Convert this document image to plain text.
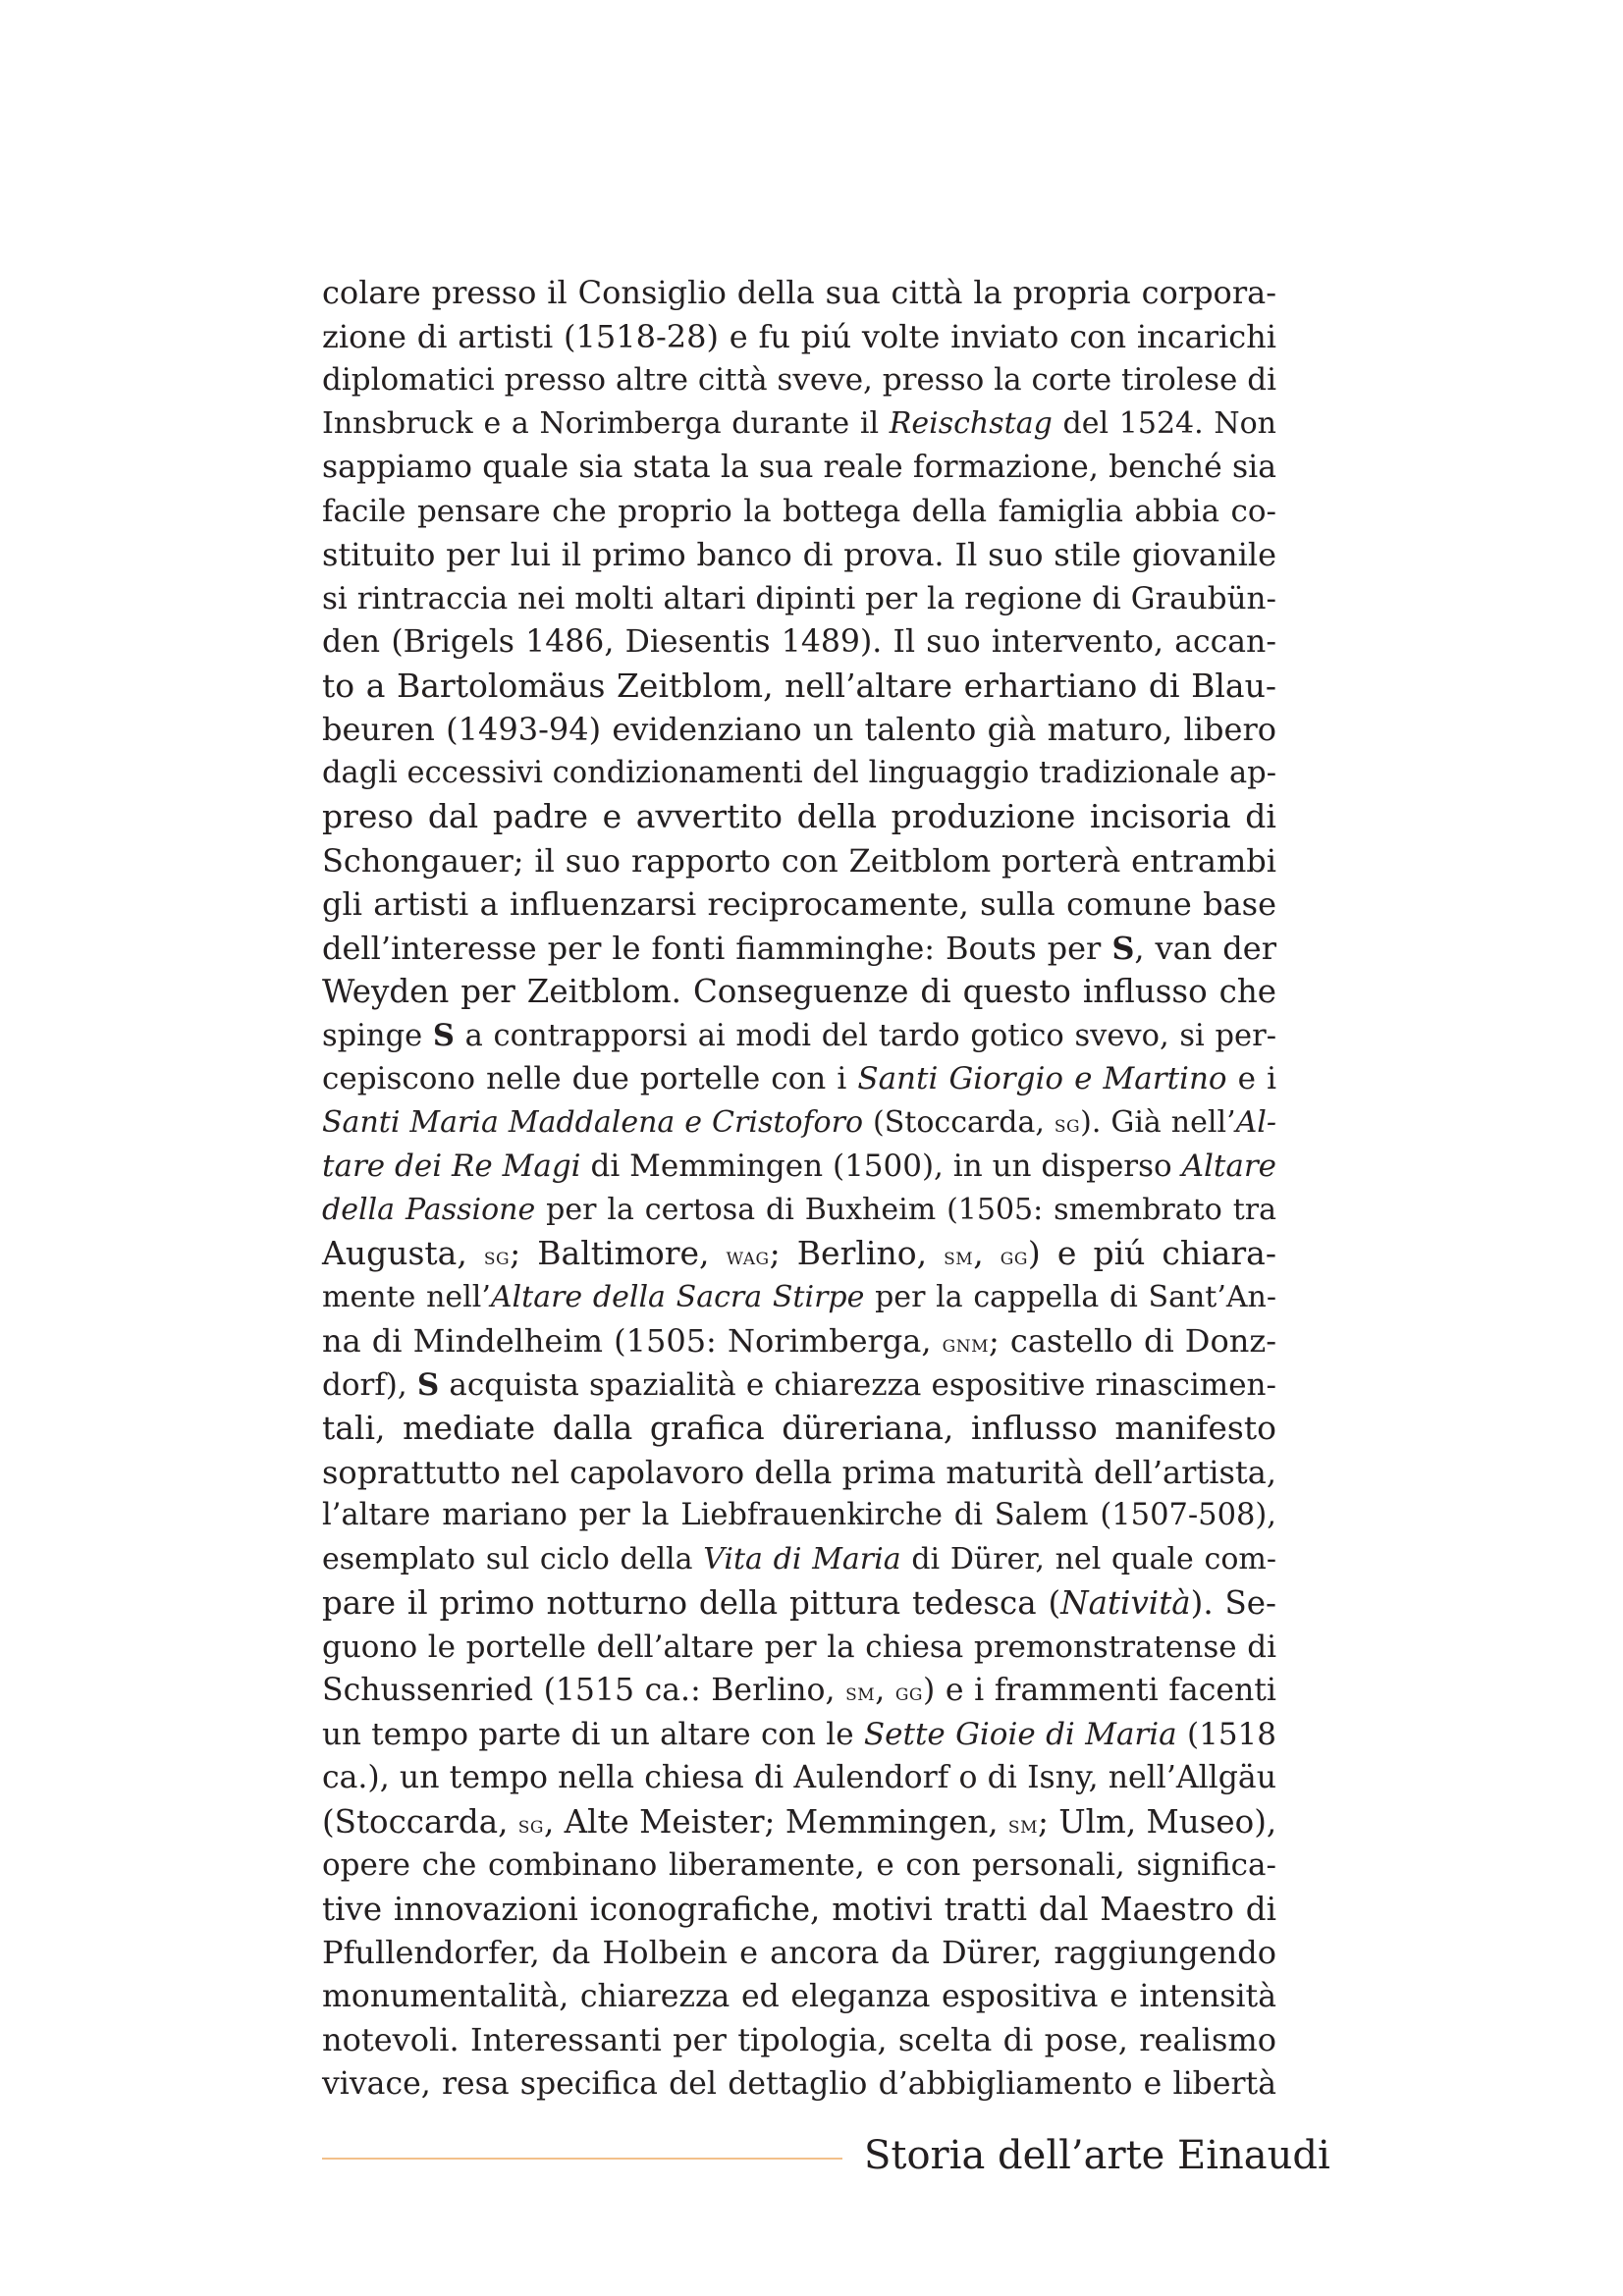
colare presso il Consiglio della sua città la propria corpora-
zione di artisti (1518-28) e fu piú volte inviato con incarichi
diplomatici presso altre città sveve, presso la corte tirolese di
Innsbruck e a Norimberga durante il Reischstag del 1524. Non
sappiamo quale sia stata la sua reale formazione, benché sia
facile pensare che proprio la bottega della famiglia abbia co-
stituito per lui il primo banco di prova. Il suo stile giovanile
si rintraccia nei molti altari dipinti per la regione di Graubün-
den (Brigels 1486, Diesentis 1489). Il suo intervento, accan-
to a Bartolomäus Zeitblom, nell’altare erhartiano di Blau-
beuren (1493-94) evidenziano un talento già maturo, libero
dagli eccessivi condizionamenti del linguaggio tradizionale ap-
preso dal padre e avvertito della produzione incisoria di
Schongauer; il suo rapporto con Zeitblom porterà entrambi
gli artisti a influenzarsi reciprocamente, sulla comune base
dell’interesse per le fonti fiamminghe: Bouts per S, van der
Weyden per Zeitblom. Conseguenze di questo influsso che
spinge S a contrapporsi ai modi del tardo gotico svevo, si per-
cepiscono nelle due portelle con i Santi Giorgio e Martino e i
Santi Maria Maddalena e Cristoforo (Stoccarda, sg). Già nell’Al-
tare dei Re Magi di Memmingen (1500), in un disperso Altare
della Passione per la certosa di Buxheim (1505: smembrato tra
Augusta, sg; Baltimore, wag; Berlino, sm, gg) e piú chiara-
mente nell’Altare della Sacra Stirpe per la cappella di Sant’An-
na di Mindelheim (1505: Norimberga, gnm; castello di Donz-
dorf), S acquista spazialità e chiarezza espositive rinascimen-
tali, mediate dalla grafica düreriana, influsso manifesto
soprattutto nel capolavoro della prima maturità dell’artista,
l’altare mariano per la Liebfrauenkirche di Salem (1507-508),
esemplato sul ciclo della Vita di Maria di Dürer, nel quale com-
pare il primo notturno della pittura tedesca (Natività). Se-
guono le portelle dell’altare per la chiesa premonstratense di
Schussenried (1515 ca.: Berlino, sm, gg) e i frammenti facenti
un tempo parte di un altare con le Sette Gioie di Maria (1518
ca.), un tempo nella chiesa di Aulendorf o di Isny, nell’Allgäu
(Stoccarda, sg, Alte Meister; Memmingen, sm; Ulm, Museo),
opere che combinano liberamente, e con personali, significa-
tive innovazioni iconografiche, motivi tratti dal Maestro di
Pfullendorfer, da Holbein e ancora da Dürer, raggiungendo
monumentalità, chiarezza ed eleganza espositiva e intensità
notevoli. Interessanti per tipologia, scelta di pose, realismo
vivace, resa specifica del dettaglio d’abbigliamento e libertà
Storia dell’arte Einaudi
